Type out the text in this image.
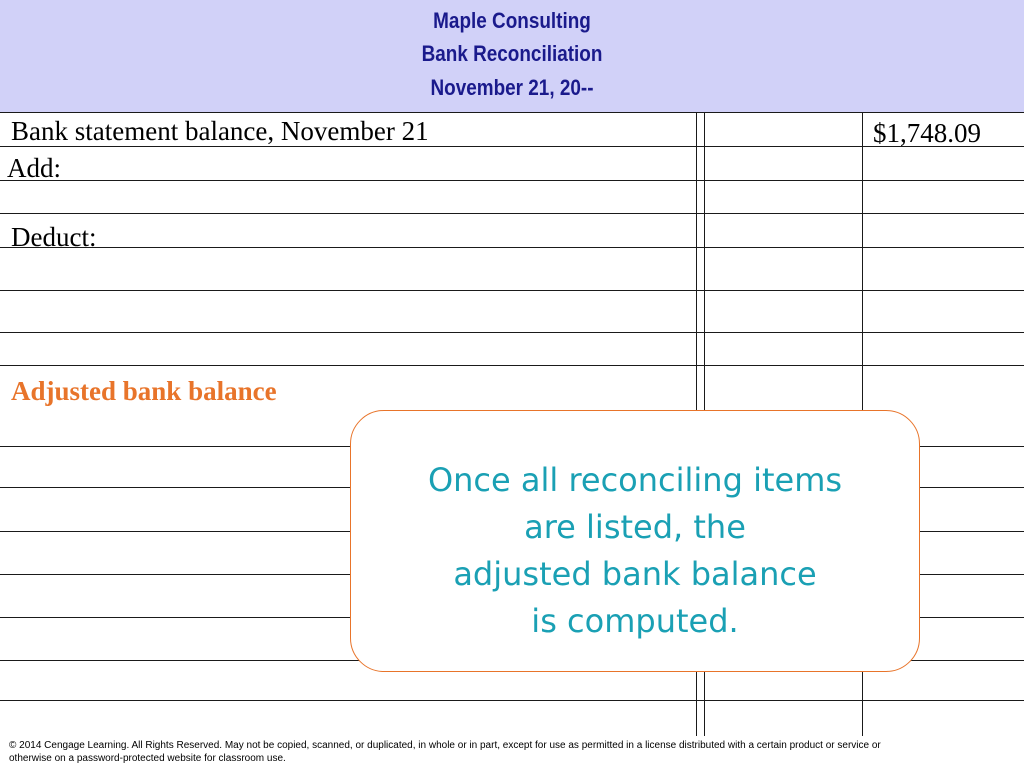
Maple Consulting
Bank Reconciliation
November 21, 20--
Bank statement balance, November 21	$1,748.09
Add:
Deduct:
Adjusted bank balance
Once all reconciling items
are listed, the
adjusted bank balance
is computed.
© 2014 Cengage Learning. All Rights Reserved. May not be copied, scanned, or duplicated, in whole or in part, except for use as permitted in a license distributed with a certain product or service or
otherwise on a password-protected website for classroom use.
